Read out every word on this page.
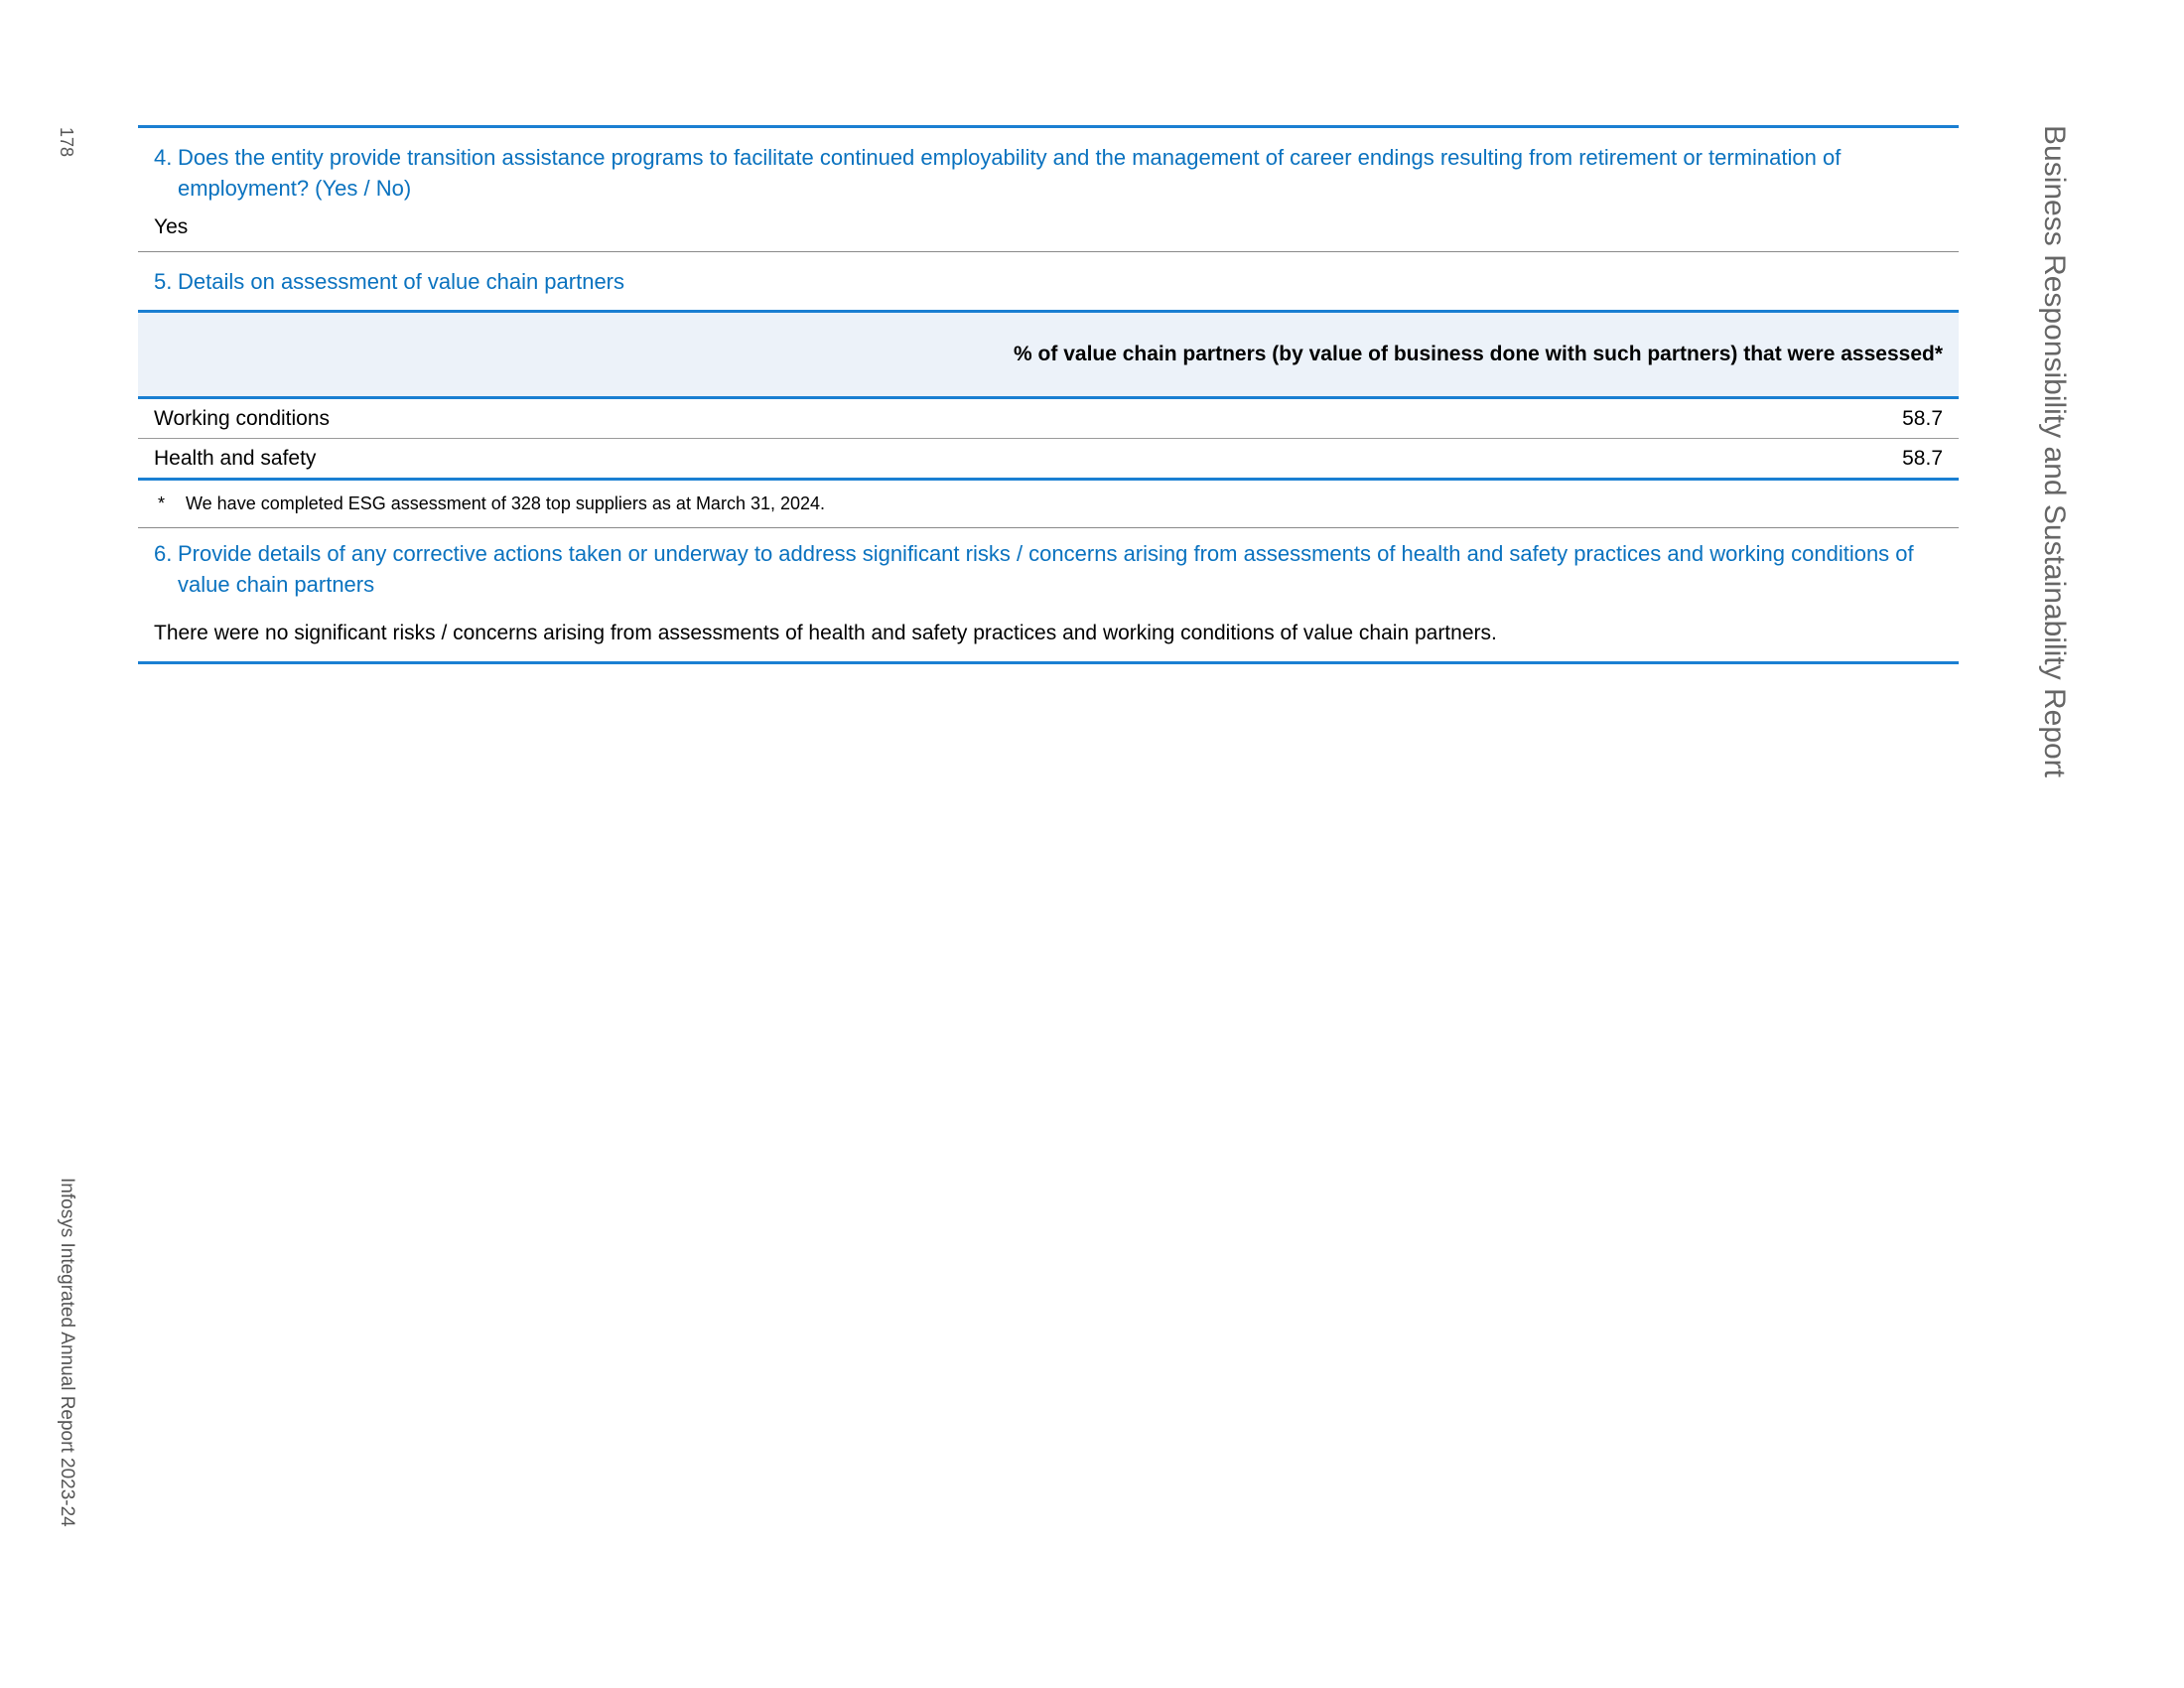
178
Infosys Integrated Annual Report 2023-24
Business Responsibility and Sustainability Report
4. Does the entity provide transition assistance programs to facilitate continued employability and the management of career endings resulting from retirement or termination of employment? (Yes / No)
Yes
5. Details on assessment of value chain partners
% of value chain partners (by value of business done with such partners) that were assessed*
Working conditions	58.7
Health and safety	58.7
*	We have completed ESG assessment of 328 top suppliers as at March 31, 2024.
6. Provide details of any corrective actions taken or underway to address significant risks / concerns arising from assessments of health and safety practices and working conditions of value chain partners
There were no significant risks / concerns arising from assessments of health and safety practices and working conditions of value chain partners.
